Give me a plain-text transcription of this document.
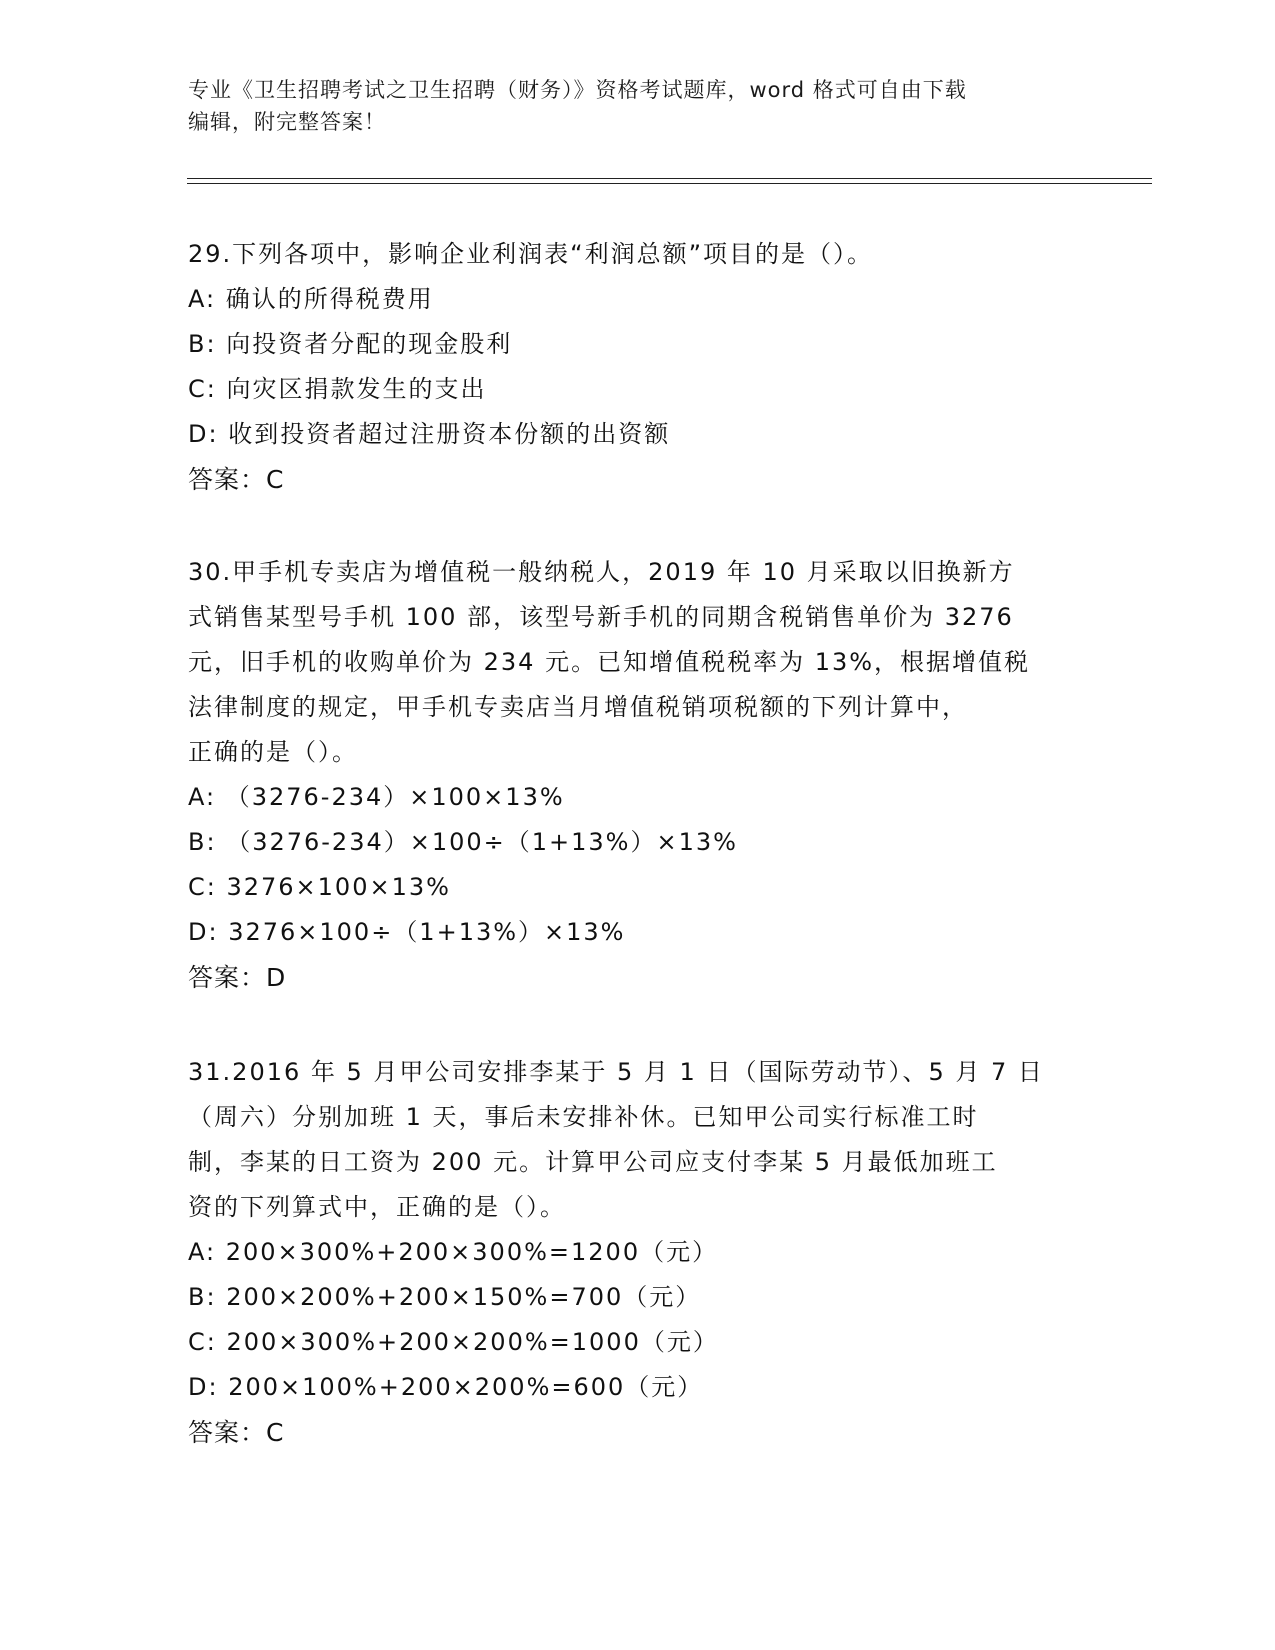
专业《卫生招聘考试之卫生招聘（财务）》资格考试题库，word 格式可自由下载
编辑，附完整答案！

29.下列各项中，影响企业利润表“利润总额”项目的是（）。

A: 确认的所得税费用

B: 向投资者分配的现金股利

C: 向灾区捐款发生的支出

D: 收到投资者超过注册资本份额的出资额

答案：C

30.甲手机专卖店为增值税一般纳税人，2019 年 10 月采取以旧换新方
式销售某型号手机 100 部，该型号新手机的同期含税销售单价为 3276
元，旧手机的收购单价为 234 元。已知增值税税率为 13%，根据增值税
法律制度的规定，甲手机专卖店当月增值税销项税额的下列计算中，
正确的是（）。

A: （3276-234）×100×13%

B: （3276-234）×100÷（1+13%）×13%

C: 3276×100×13%

D: 3276×100÷（1+13%）×13%

答案：D

31.2016 年 5 月甲公司安排李某于 5 月 1 日（国际劳动节）、5 月 7 日
（周六）分别加班 1 天，事后未安排补休。已知甲公司实行标准工时
制，李某的日工资为 200 元。计算甲公司应支付李某 5 月最低加班工
资的下列算式中，正确的是（）。

A: 200×300%+200×300%=1200（元）

B: 200×200%+200×150%=700（元）

C: 200×300%+200×200%=1000（元）

D: 200×100%+200×200%=600（元）

答案：C
